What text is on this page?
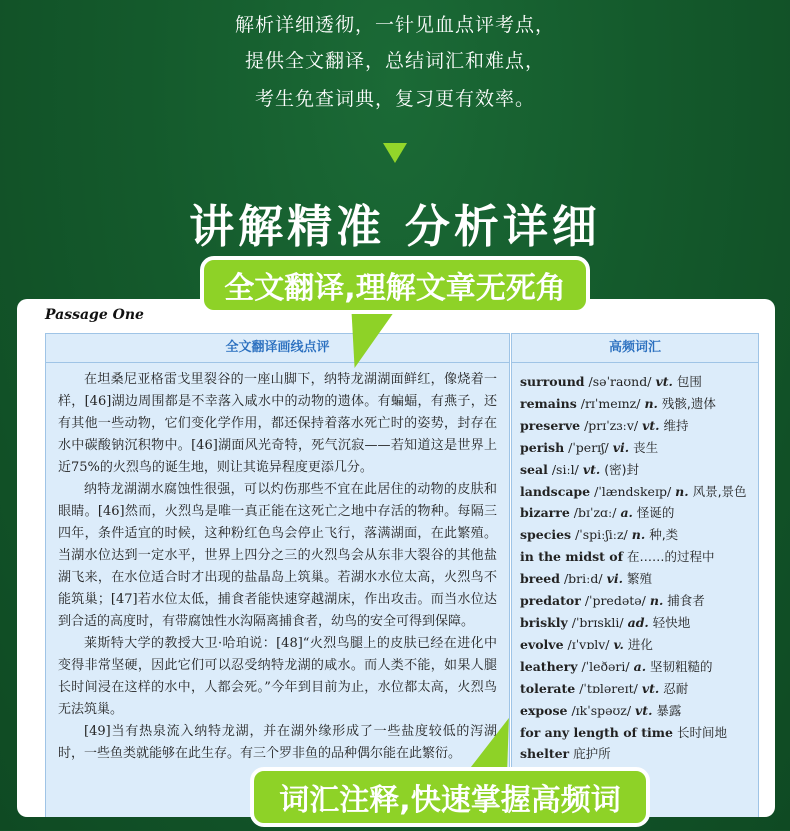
解析详细透彻，一针见血点评考点，
提供全文翻译，总结词汇和难点，
考生免查词典，复习更有效率。
讲解精准 分析详细
Passage One
全文翻译画线点评

在坦桑尼亚格雷戈里裂谷的一座山脚下，纳特龙湖湖面鲜红，像烧着一样，[46]湖边周围都是不幸落入咸水中的动物的遗体。有蝙蝠，有燕子，还有其他一些动物，它们变化学作用，都还保持着落水死亡时的姿势，封存在水中碳酸钠沉积物中。[46]湖面风光奇特，死气沉寂——若知道这是世界上近75%的火烈鸟的诞生地，则让其诡异程度更添几分。

纳特龙湖湖水腐蚀性很强，可以灼伤那些不宜在此居住的动物的皮肤和眼睛。[46]然而，火烈鸟是唯一真正能在这死亡之地中存活的物种。每隔三四年，条件适宜的时候，这种粉红色鸟会停止飞行，落满湖面，在此繁殖。当湖水位达到一定水平，世界上四分之三的火烈鸟会从东非大裂谷的其他盐湖飞来，在水位适合时才出现的盐晶岛上筑巢。若湖水水位太高，火烈鸟不能筑巢；[47]若水位太低，捕食者能快速穿越湖床，作出攻击。而当水位达到合适的高度时，有带腐蚀性水沟隔离捕食者，幼鸟的安全可得到保障。

莱斯特大学的教授大卫·哈珀说：[48]“火烈鸟腿上的皮肤已经在进化中变得非常坚硬，因此它们可以忍受纳特龙湖的咸水。而人类不能，如果人腿长时间浸在这样的水中，人都会死。”今年到目前为止，水位都太高，火烈鸟无法筑巢。

[49]当有热泉流入纳特龙湖，并在湖外缘形成了一些盐度较低的泻湖时，一些鱼类就能够在此生存。有三个罗非鱼的品种偶尔能在此繁衍。

高频词汇
surround /səˈraʊnd/ vt. 包围
remains /rɪˈmeɪnz/ n. 残骸,遗体
preserve /prɪˈzɜːv/ vt. 维持
perish /ˈperɪʃ/ vi. 丧生
seal /siːl/ vt. (密)封
landscape /ˈlændskeɪp/ n. 风景,景色
bizarre /bɪˈzɑː/ a. 怪诞的
species /ˈspiːʃiːz/ n. 种,类
in the midst of 在……的过程中
breed /briːd/ vi. 繁殖
predator /ˈpredətə/ n. 捕食者
briskly /ˈbrɪskli/ ad. 轻快地
evolve /ɪˈvɒlv/ v. 进化
leathery /ˈleðəri/ a. 坚韧粗糙的
tolerate /ˈtɒləreɪt/ vt. 忍耐
expose /ɪkˈspəʊz/ vt. 暴露
for any length of time 长时间地
shelter 庇护所
全文翻译,理解文章无死角
词汇注释,快速掌握高频词
